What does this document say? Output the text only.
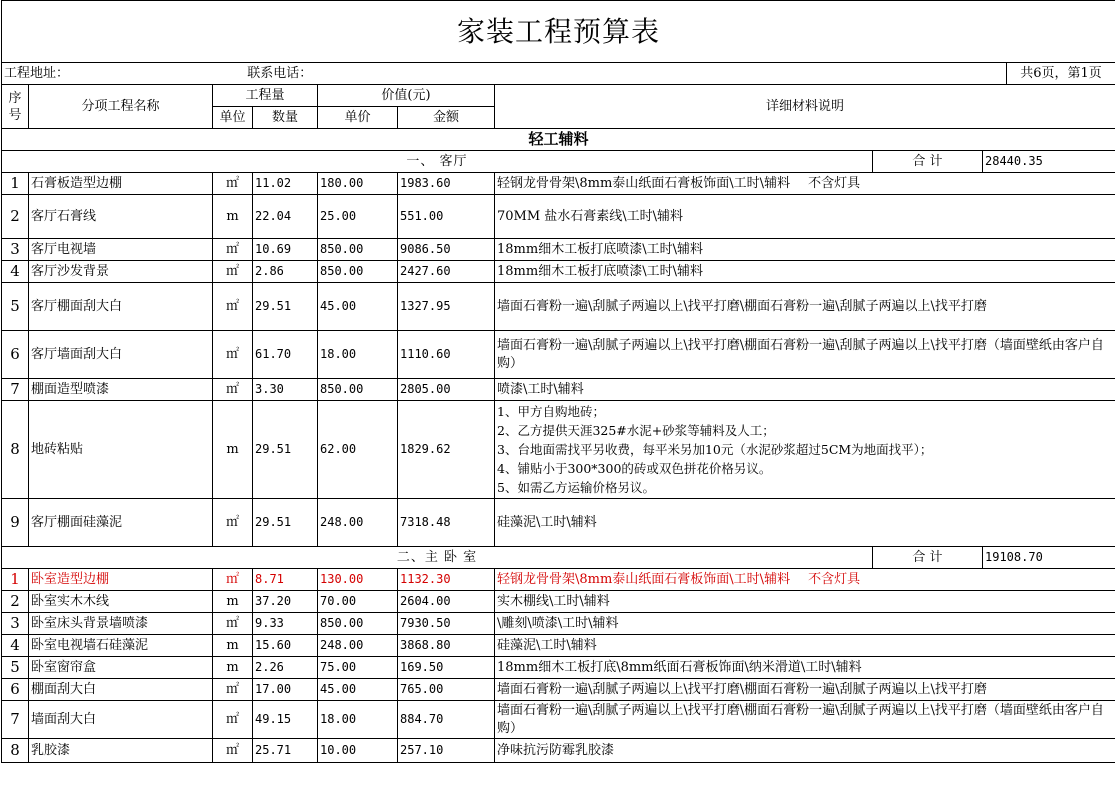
家装工程预算表									
工程地址： 联系电话：									共6页，第1页
序
号	分项工程名称	工程量		价值(元)		详细材料说明			
		单位	数量	单价	金额				
轻工辅料									
一、 客厅							合 计	28440.35	
1	石膏板造型边棚	㎡	11.02	180.00	1983.60	轻钢龙骨骨架\8mm泰山纸面石膏板饰面\工时\辅料 不含灯具			
2	客厅石膏线	m	22.04	25.00	551.00	70MM 盐水石膏素线\工时\辅料			
3	客厅电视墙	㎡	10.69	850.00	9086.50	18mm细木工板打底喷漆\工时\辅料			
4	客厅沙发背景	㎡	2.86	850.00	2427.60	18mm细木工板打底喷漆\工时\辅料			
5	客厅棚面刮大白	㎡	29.51	45.00	1327.95	墙面石膏粉一遍\刮腻子两遍以上\找平打磨\棚面石膏粉一遍\刮腻子两遍以上\找平打磨			
6	客厅墙面刮大白	㎡	61.70	18.00	1110.60	墙面石膏粉一遍\刮腻子两遍以上\找平打磨\棚面石膏粉一遍\刮腻子两遍以上\找平打磨（墙面壁纸由客户自购）			
7	棚面造型喷漆	㎡	3.30	850.00	2805.00	喷漆\工时\辅料			
8	地砖粘贴	m	29.51	62.00	1829.62	1、甲方自购地砖；
2、乙方提供天涯325#水泥+砂浆等辅料及人工；
3、台地面需找平另收费，每平米另加10元（水泥砂浆超过5CM为地面找平）；
4、铺贴小于300*300的砖或双色拼花价格另议。
5、如需乙方运输价格另议。			

9	客厅棚面硅藻泥	㎡	29.51	248.00	7318.48	硅藻泥\工时\辅料			
二、主 卧 室							合 计	19108.70	
1	卧室造型边棚	㎡	8.71	130.00	1132.30	轻钢龙骨骨架\8mm泰山纸面石膏板饰面\工时\辅料 不含灯具			
2	卧室实木木线	m	37.20	70.00	2604.00	实木棚线\工时\辅料			
3	卧室床头背景墙喷漆	㎡	9.33	850.00	7930.50	\雕刻\喷漆\工时\辅料			
4	卧室电视墙石硅藻泥	m	15.60	248.00	3868.80	硅藻泥\工时\辅料			
5	卧室窗帘盒	m	2.26	75.00	169.50	18mm细木工板打底\8mm纸面石膏板饰面\纳米滑道\工时\辅料			
6	棚面刮大白	㎡	17.00	45.00	765.00	墙面石膏粉一遍\刮腻子两遍以上\找平打磨\棚面石膏粉一遍\刮腻子两遍以上\找平打磨			
7	墙面刮大白	㎡	49.15	18.00	884.70	墙面石膏粉一遍\刮腻子两遍以上\找平打磨\棚面石膏粉一遍\刮腻子两遍以上\找平打磨（墙面壁纸由客户自购）			
8	乳胶漆	㎡	25.71	10.00	257.10	净味抗污防霉乳胶漆			
